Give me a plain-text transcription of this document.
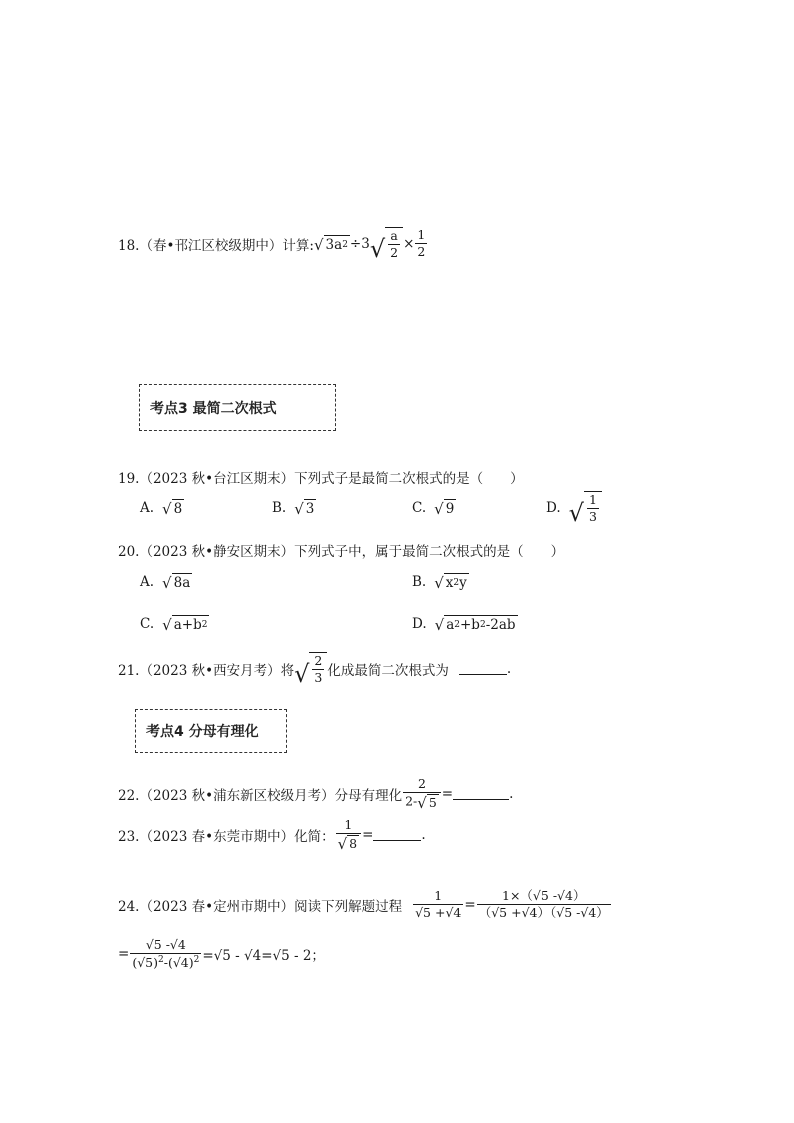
18.（春•邗江区校级期中）计算: √ 3a 2 ÷3 √ $\frac{a}{2} \times \frac{1}{2}$
考点3 最简二次根式
19.（2023 秋•台江区期末）下列式子是最简二次根式的是（　　）
A. √ 8	B. √ 3	C. √ 9	D. √ $\frac{1}{3}$
20.（2023 秋•静安区期末）下列式子中，属于最简二次根式的是（　　）
A. √ 8a	B. √ x 2 y
C. √ a+b 2	D. √ a 2 +b 2 -2ab
21.（2023 秋•西安月考）将 √ $\frac{2}{3}$ 化成最简二次根式为	.
考点4 分母有理化
22.（2023 秋•浦东新区校级月考）分母有理化 $\frac{2}{2- √ 5}$ =	.
23.（2023 春•东莞市期中）化简： $\frac{1}{√ 8}$ =	.
24.（2023 春•定州市期中）阅读下列解题过程 $\frac{1}{√5 +√4} = \frac{1\times(√5 -√4)}{(√5 +√4)(√5 -√4)}$
= $\frac{√5 -√4}{(√5)^2-(√4)^2} =√5 - √4=√5 - 2$；
